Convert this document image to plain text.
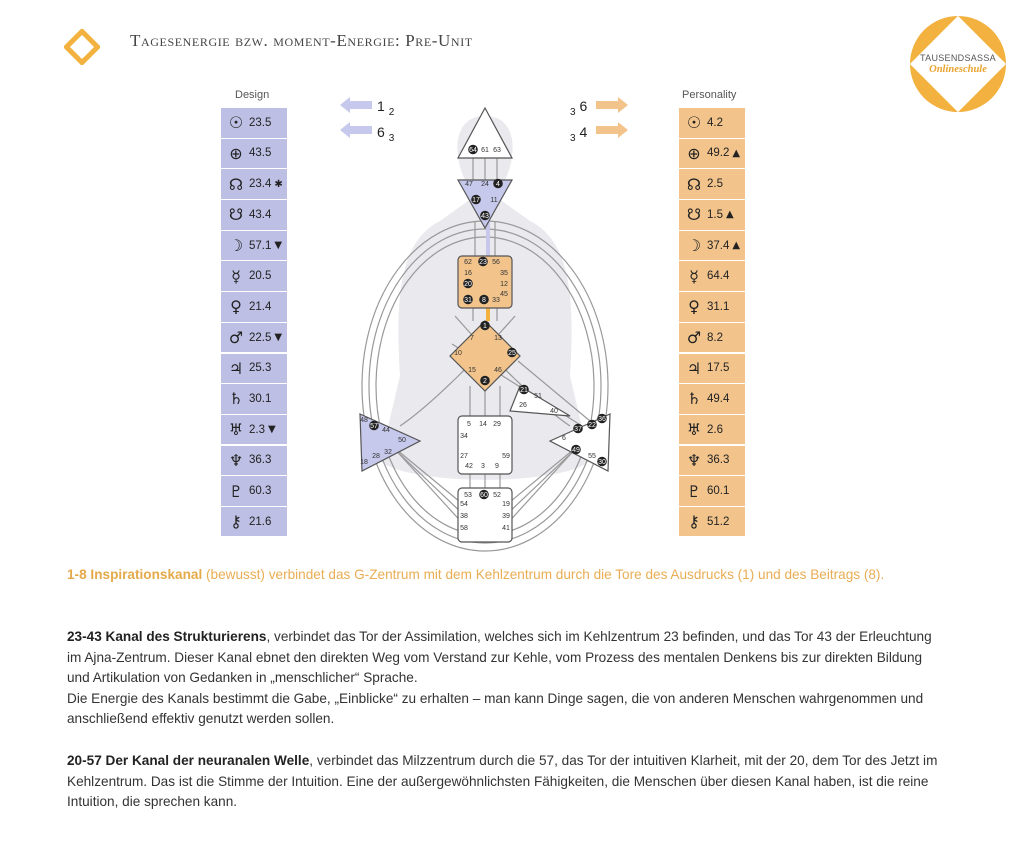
Tagesenergie bzw. moment-Energie: Pre-Unit
TAUSENDSASSA
Onlineschule
Design
☉ 23.5
⊕ 43.5
☊ 23.4 ✱
☋ 43.4
☽ 57.1 ▼
☿ 20.5
♀ 21.4
♂ 22.5 ▼
♃ 25.3
♄ 30.1
♅ 2.3 ▼
♆ 36.3
♇ 60.3
⚷ 21.6
Personality
☉ 4.2
⊕ 49.2 ▲
☊ 2.5
☋ 1.5 ▲
☽ 37.4 ▲
☿ 64.4
♀ 31.1
♂ 8.2
♃ 17.5
♄ 49.4
♅ 2.6
♆ 36.3
♇ 60.1
⚷ 51.2
1 $_2$
6 $_3$
$_3$ 6
$_3$ 4
64 61 63
47 24 4
17 11
43
62 23 56
16	35
20	12
45
31 8 33
1
7	13
10	25
15	46
2
21
51
26
40
5 14 29
34
27	59
42 3 9
53 60 52
54	19
38	39
58	41
48
57
44
50
32
28
18
36
22
37
6
49
55
30
1-8 Inspirationskanal (bewusst) verbindet das G-Zentrum mit dem Kehlzentrum durch die Tore des Ausdrucks (1) und des Beitrags (8).
23-43 Kanal des Strukturierens, verbindet das Tor der Assimilation, welches sich im Kehlzentrum 23 befinden, und das Tor 43 der Erleuchtung im Ajna-Zentrum. Dieser Kanal ebnet den direkten Weg vom Verstand zur Kehle, vom Prozess des mentalen Denkens bis zur direkten Bildung und Artikulation von Gedanken in „menschlicher“ Sprache.
Die Energie des Kanals bestimmt die Gabe, „Einblicke“ zu erhalten – man kann Dinge sagen, die von anderen Menschen wahrgenommen und anschließend effektiv genutzt werden sollen.
20-57 Der Kanal der neuranalen Welle, verbindet das Milzzentrum durch die 57, das Tor der intuitiven Klarheit, mit der 20, dem Tor des Jetzt im Kehlzentrum. Das ist die Stimme der Intuition. Eine der außergewöhnlichsten Fähigkeiten, die Menschen über diesen Kanal haben, ist die reine Intuition, die sprechen kann.
